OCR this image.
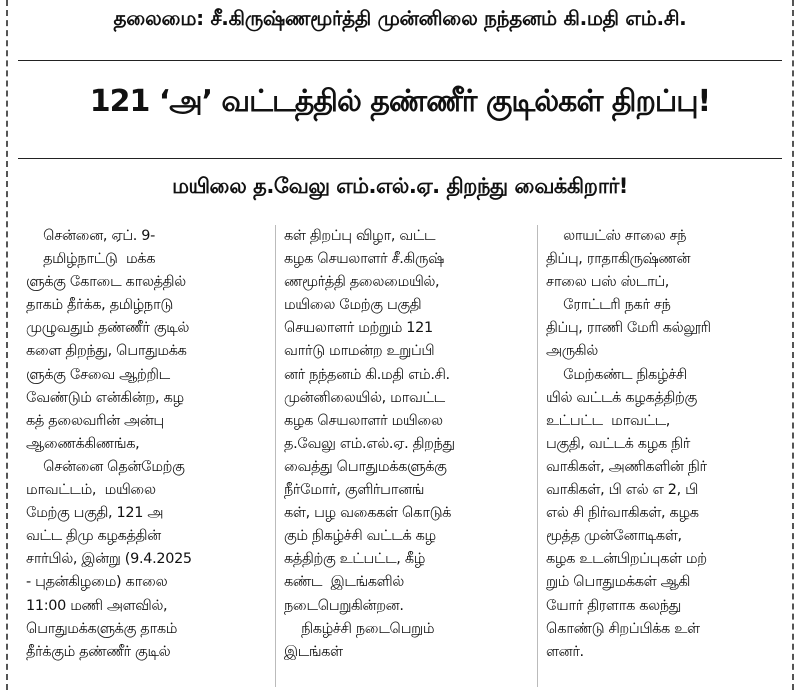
தலைமை: சீ.கிருஷ்ணமூர்த்தி முன்னிலை நந்தனம் கி.மதி எம்.சி.
121 ‘அ’ வட்டத்தில் தண்ணீர் குடில்கள் திறப்பு!
மயிலை த.வேலு எம்.எல்.ஏ. திறந்து வைக்கிறார்!
சென்னை, ஏப். 9-
தமிழ்நாட்டு  மக்க
ளுக்கு கோடை காலத்தில்
தாகம் தீர்க்க, தமிழ்நாடு
முழுவதும் தண்ணீர் குடில்
களை திறந்து, பொதுமக்க
ளுக்கு சேவை ஆற்றிட
வேண்டும் என்கின்ற, கழ
கத் தலைவரின் அன்பு
ஆணைக்கிணங்க,
சென்னை தென்மேற்கு
மாவட்டம்,  மயிலை
மேற்கு பகுதி, 121 அ
வட்ட திமு கழகத்தின்
சார்பில், இன்று (9.4.2025
- புதன்கிழமை) காலை
11:00 மணி அளவில்,
பொதுமக்களுக்கு தாகம்
தீர்க்கும் தண்ணீர் குடில்
கள் திறப்பு விழா, வட்ட
கழக செயலாளர் சீ.கிருஷ்
ணமூர்த்தி தலைமையில்,
மயிலை மேற்கு பகுதி
செயலாளர் மற்றும் 121
வார்டு மாமன்ற உறுப்பி
னர் நந்தனம் கி.மதி எம்.சி.
முன்னிலையில், மாவட்ட
கழக செயலாளர் மயிலை
த.வேலு எம்.எல்.ஏ. திறந்து
வைத்து பொதுமக்களுக்கு
நீர்மோர், குளிர்பானங்
கள், பழ வகைகள் கொடுக்
கும் நிகழ்ச்சி வட்டக் கழ
கத்திற்கு உட்பட்ட, கீழ்
கண்ட  இடங்களில்
நடைபெறுகின்றன.
நிகழ்ச்சி நடைபெறும்
இடங்கள்
லாயட்ஸ் சாலை சந்
திப்பு, ராதாகிருஷ்ணன்
சாலை பஸ் ஸ்டாப்,
ரோட்டரி நகர் சந்
திப்பு, ராணி மேரி கல்லூரி
அருகில்
மேற்கண்ட நிகழ்ச்சி
யில் வட்டக் கழகத்திற்கு
உட்பட்ட  மாவட்ட,
பகுதி, வட்டக் கழக நிர்
வாகிகள், அணிகளின் நிர்
வாகிகள், பி எல் எ 2, பி
எல் சி நிர்வாகிகள், கழக
மூத்த முன்னோடிகள்,
கழக உடன்பிறப்புகள் மற்
றும் பொதுமக்கள் ஆகி
யோர் திரளாக கலந்து
கொண்டு சிறப்பிக்க உள்
ளனர்.
